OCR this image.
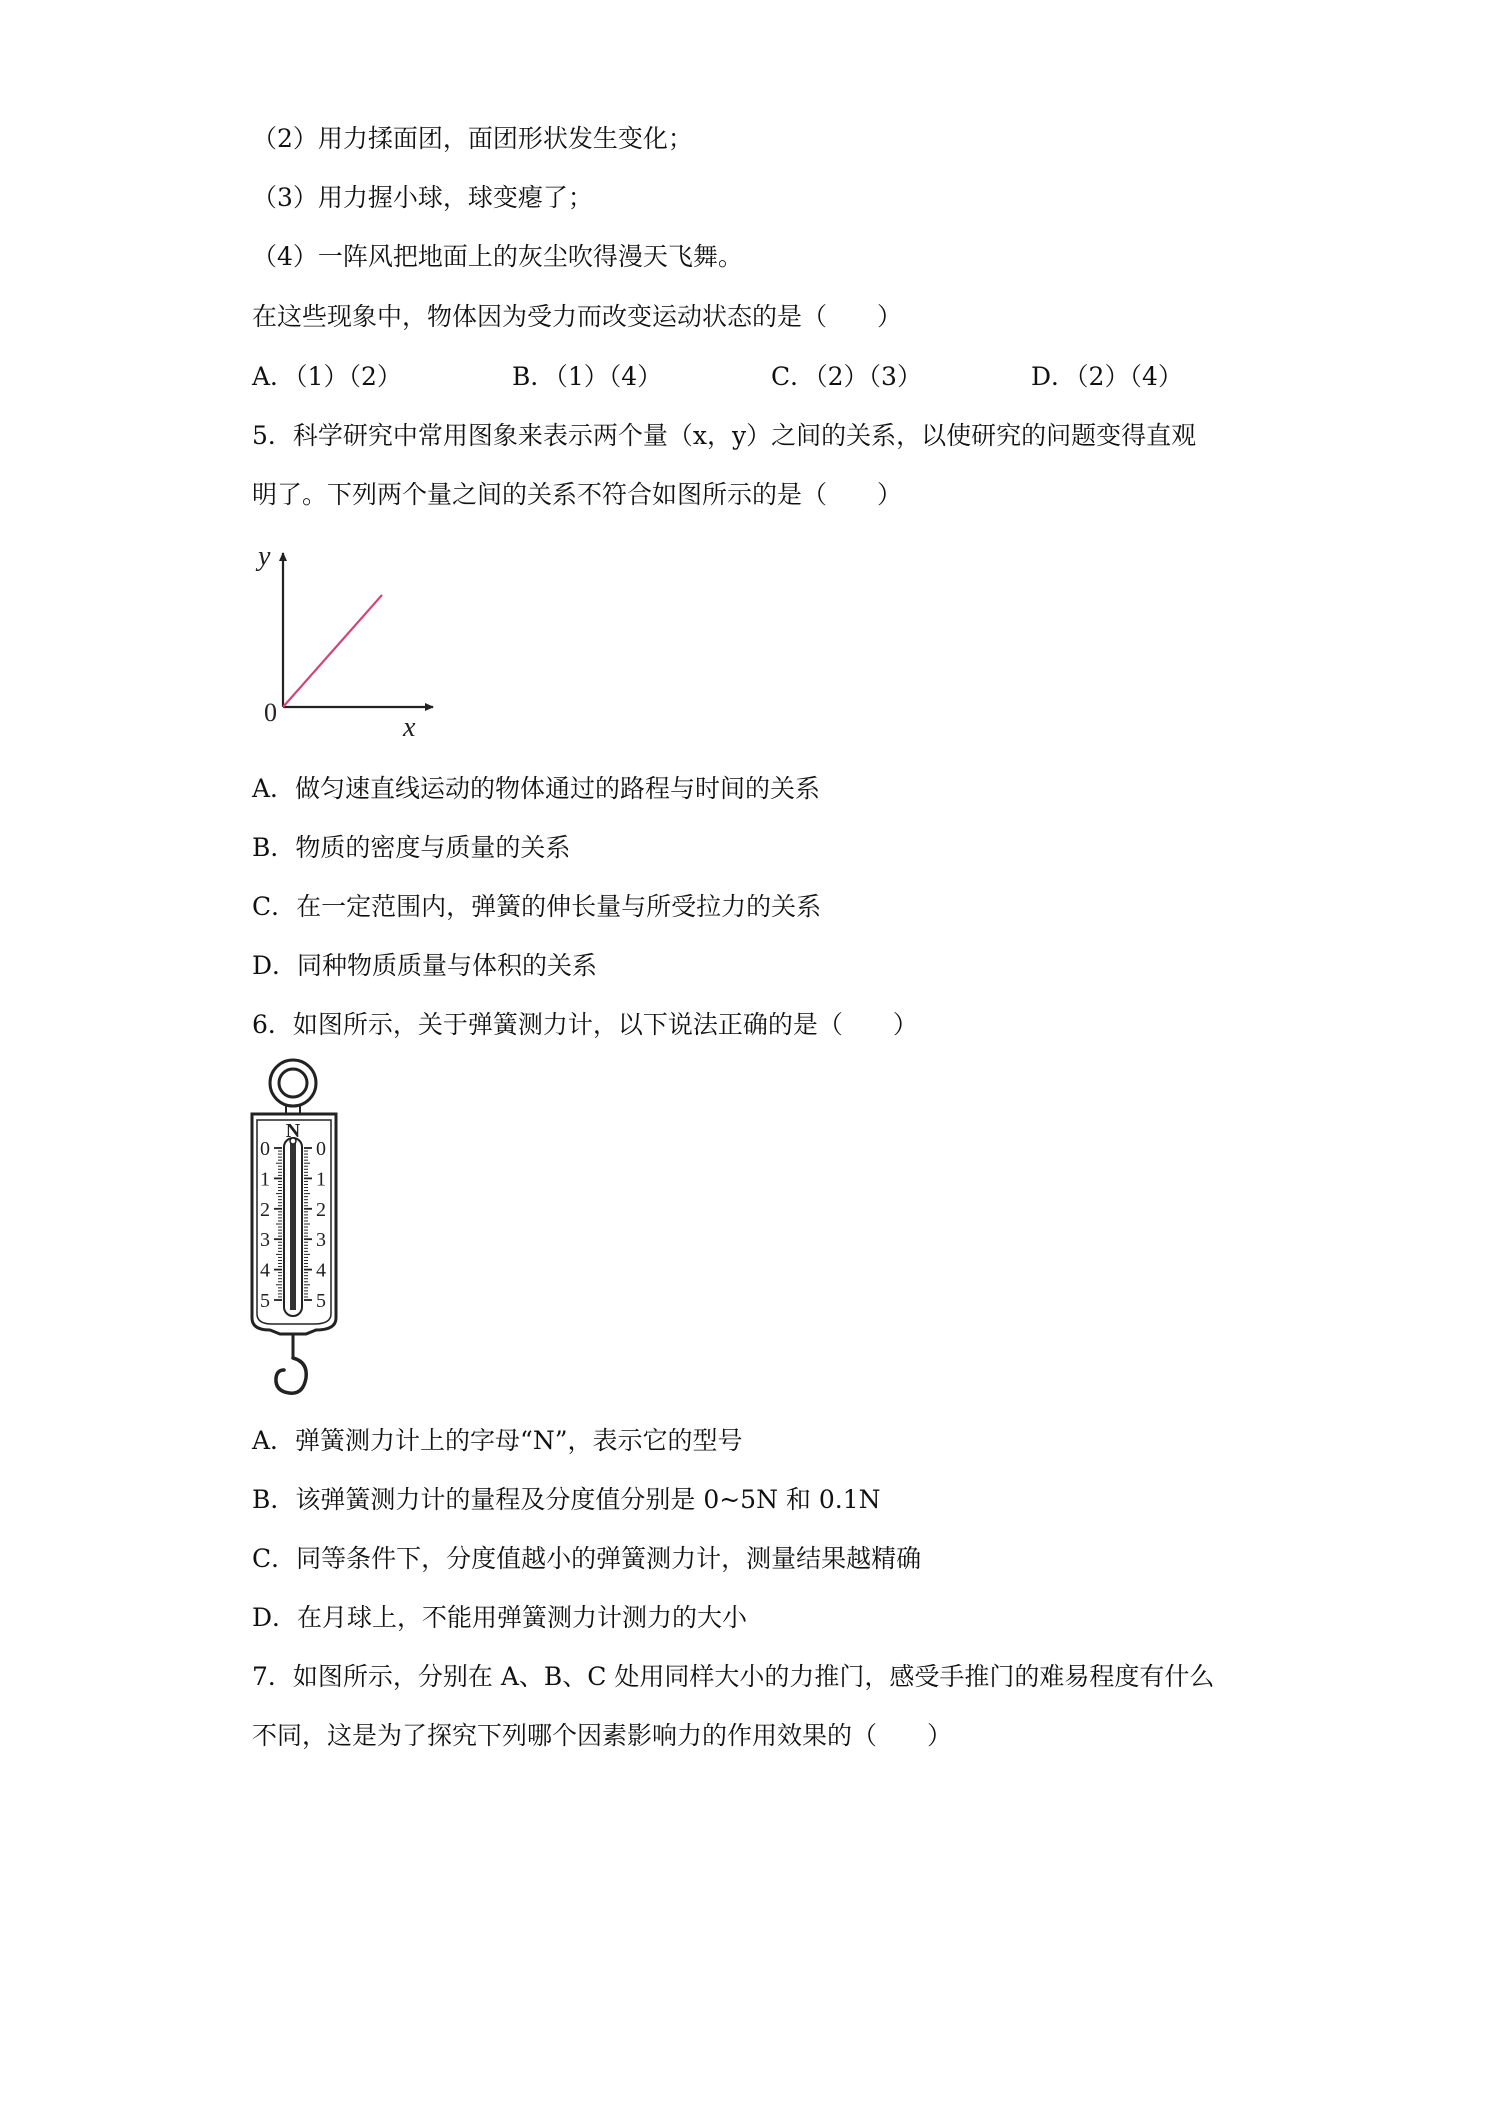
（2）用力揉面团，面团形状发生变化；
（3）用力握小球，球变瘪了；
（4）一阵风把地面上的灰尘吹得漫天飞舞。
在这些现象中，物体因为受力而改变运动状态的是（　　）
A．（1）（2）	B．（1）（4）	C．（2）（3）	D．（2）（4）
5．科学研究中常用图象来表示两个量（x，y）之间的关系，以使研究的问题变得直观
明了。下列两个量之间的关系不符合如图所示的是（　　）
y
x
0
A．做匀速直线运动的物体通过的路程与时间的关系
B．物质的密度与质量的关系
C．在一定范围内，弹簧的伸长量与所受拉力的关系
D．同种物质质量与体积的关系
6．如图所示，关于弹簧测力计，以下说法正确的是（　　）
N
0 0
1 1
2 2
3 3
4 4
5 5
A．弹簧测力计上的字母“N”，表示它的型号
B．该弹簧测力计的量程及分度值分别是 0~5N 和 0.1N
C．同等条件下，分度值越小的弹簧测力计，测量结果越精确
D．在月球上，不能用弹簧测力计测力的大小
7．如图所示，分别在 A、B、C 处用同样大小的力推门，感受手推门的难易程度有什么
不同，这是为了探究下列哪个因素影响力的作用效果的（　　）
